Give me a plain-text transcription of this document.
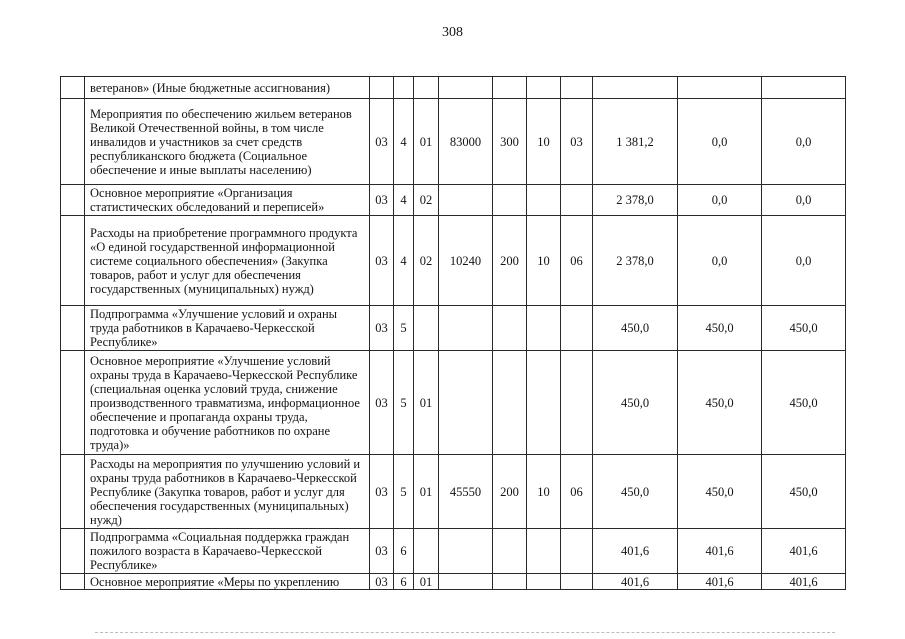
308
	ветеранов» (Иные бюджетные ассигнования)										
	Мероприятия по обеспечению жильем ветеранов Великой Отечественной войны, в том числе инвалидов и участников за счет средств республиканского бюджета (Социальное обеспечение и иные выплаты населению)	03	4	01	83000	300	10	03	1 381,2	0,0	0,0
	Основное мероприятие «Организация статистических обследований и переписей»	03	4	02					2 378,0	0,0	0,0
	Расходы на приобретение программного продукта «О единой государственной информационной системе социального обеспечения» (Закупка товаров, работ и услуг для обеспечения государственных (муниципальных) нужд)	03	4	02	10240	200	10	06	2 378,0	0,0	0,0
	Подпрограмма «Улучшение условий и охраны труда работников в Карачаево-Черкесской Республике»	03	5						450,0	450,0	450,0
	Основное мероприятие «Улучшение условий охраны труда в Карачаево-Черкесской Республике (специальная оценка условий труда, снижение производственного травматизма, информационное обеспечение и пропаганда охраны труда, подготовка и обучение работников по охране труда)»	03	5	01					450,0	450,0	450,0
	Расходы на мероприятия по улучшению условий и охраны труда работников в Карачаево-Черкесской Республике (Закупка товаров, работ и услуг для обеспечения государственных (муниципальных) нужд)	03	5	01	45550	200	10	06	450,0	450,0	450,0
	Подпрограмма «Социальная поддержка граждан пожилого возраста в Карачаево-Черкесской Республике»	03	6						401,6	401,6	401,6
	Основное мероприятие «Меры по укреплению	03	6	01					401,6	401,6	401,6
